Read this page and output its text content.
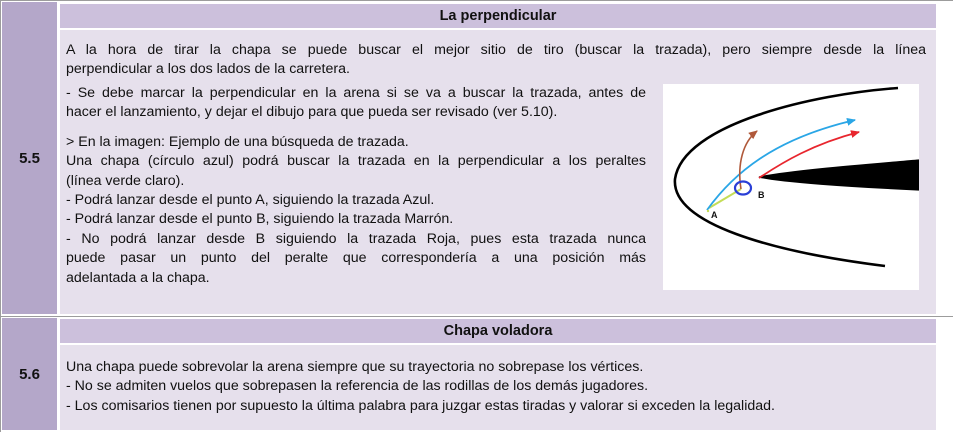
5.5
La perpendicular
A la hora de tirar la chapa se puede buscar el mejor sitio de tiro (buscar la trazada), pero siempre desde la línea
perpendicular a los dos lados de la carretera.
- Se debe marcar la perpendicular en la arena si se va a buscar la trazada, antes de
hacer el lanzamiento, y dejar el dibujo para que pueda ser revisado (ver 5.10).
> En la imagen: Ejemplo de una búsqueda de trazada.
Una chapa (círculo azul) podrá buscar la trazada en la perpendicular a los peraltes
(línea verde claro).
- Podrá lanzar desde el punto A, siguiendo la trazada Azul.
- Podrá lanzar desde el punto B, siguiendo la trazada Marrón.
- No podrá lanzar desde B siguiendo la trazada Roja, pues esta trazada nunca
puede pasar un punto del peralte que correspondería a una posición más
adelantada a la chapa.
A
B
5.6
Chapa voladora
Una chapa puede sobrevolar la arena siempre que su trayectoria no sobrepase los vértices.
- No se admiten vuelos que sobrepasen la referencia de las rodillas de los demás jugadores.
- Los comisarios tienen por supuesto la última palabra para juzgar estas tiradas y valorar si exceden la legalidad.
